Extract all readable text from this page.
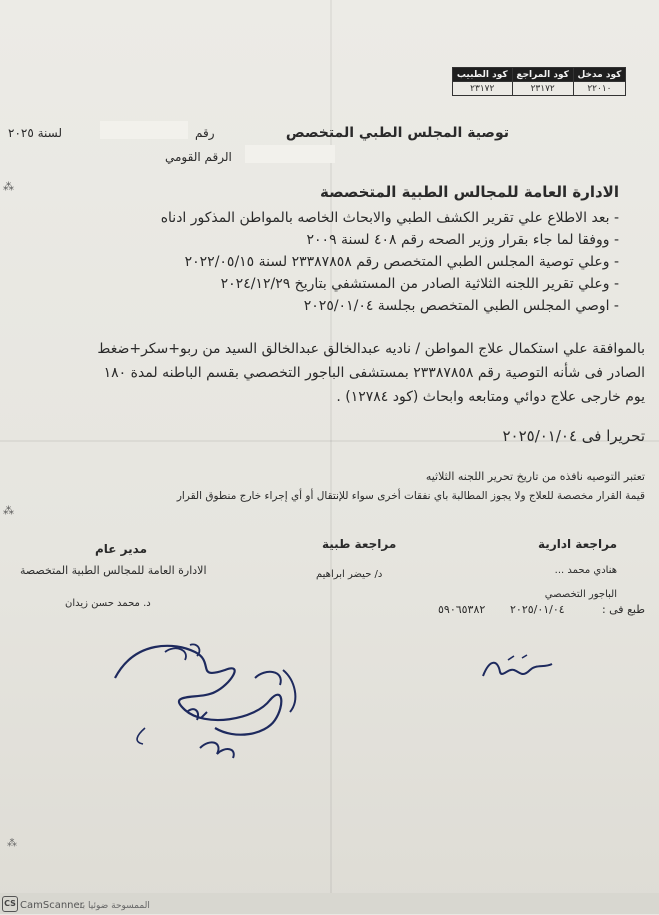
كود مدخل	كود المراجع	كود الطبيب
٢٢٠١٠	٢٣١٧٢	٢٣١٧٢
توصية المجلس الطبي المتخصص
رقم
لسنة ٢٠٢٥
الرقم القومي
الادارة العامة للمجالس الطبية المتخصصة
- بعد الاطلاع علي تقرير الكشف الطبي والابحاث الخاصه بالمواطن المذكور ادناه
- ووفقا لما جاء بقرار وزير الصحه رقم ٤٠٨ لسنة ٢٠٠٩
- وعلي توصية المجلس الطبي المتخصص رقم ٢٣٣٨٧٨٥٨ لسنة ٢٠٢٢/٠٥/١٥
- وعلي تقرير اللجنه الثلاثية الصادر من المستشفي بتاريخ ٢٠٢٤/١٢/٢٩
- اوصي المجلس الطبي المتخصص بجلسة ٢٠٢٥/٠١/٠٤
بالموافقة علي استكمال علاج المواطن / ناديه عبدالخالق عبدالخالق السيد من ربو+سكر+ضغط
الصادر فى شأنه التوصية رقم ٢٣٣٨٧٨٥٨ بمستشفى الباجور التخصصي بقسم الباطنه لمدة ١٨٠
يوم خارجى علاج دوائي ومتابعه وابحاث (كود ١٢٧٨٤) .
تحريرا فى ٢٠٢٥/٠١/٠٤
تعتبر التوصيه نافذه من تاريخ تحرير اللجنه الثلاثيه
قيمة القرار مخصصة للعلاج ولا يجوز المطالبة باي نفقات أخرى سواء للإنتقال أو أي إجراء خارج منطوق القرار
مدير عام
الادارة العامة للمجالس الطبية المتخصصة
د. محمد حسن زيدان
مراجعة طبية
د/ حيضر ابراهيم
مراجعة ادارية
هنادي محمد ...
الباجور التخصصي
طبع فى :
٢٠٢٥/٠١/٠٤
٥٩٠٦٥٣٨٢
⁂
⁂
⁂
CS CamScanner
الممسوحة ضوئيا بـ
